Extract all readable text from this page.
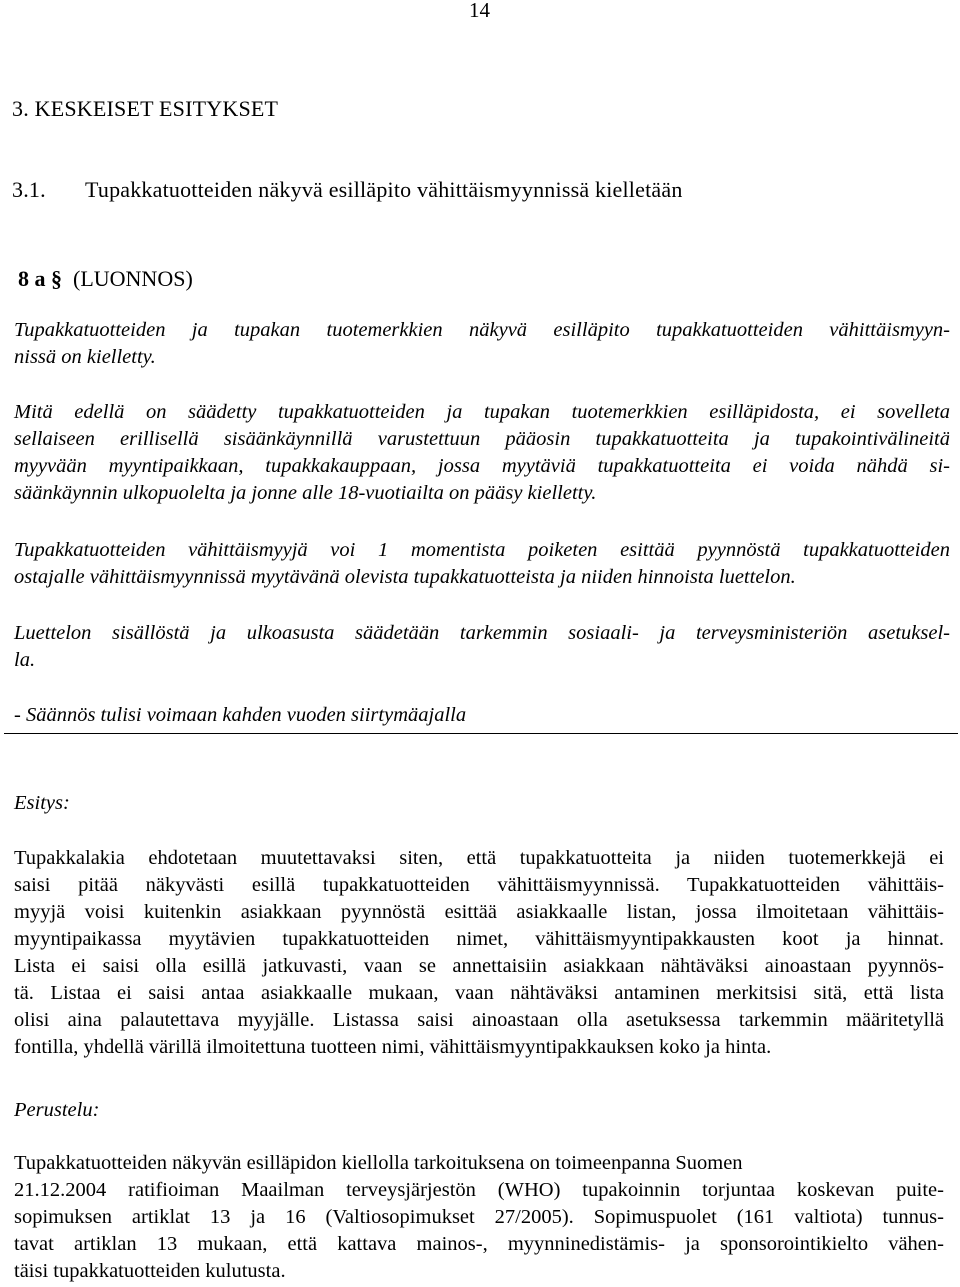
14
3. KESKEISET ESITYKSET
3.1. Tupakkatuotteiden näkyvä esilläpito vähittäismyynnissä kielletään
8 a § (LUONNOS)
Tupakkatuotteiden ja tupakan tuotemerkkien näkyvä esilläpito tupakkatuotteiden vähittäismyyn-
nissä on kielletty.
Mitä edellä on säädetty tupakkatuotteiden ja tupakan tuotemerkkien esilläpidosta, ei sovelleta
sellaiseen erillisellä sisäänkäynnillä varustettuun pääosin tupakkatuotteita ja tupakointivälineitä
myyvään myyntipaikkaan, tupakkakauppaan, jossa myytäviä tupakkatuotteita ei voida nähdä si-
säänkäynnin ulkopuolelta ja jonne alle 18-vuotiailta on pääsy kielletty.
Tupakkatuotteiden vähittäismyyjä voi 1 momentista poiketen esittää pyynnöstä tupakkatuotteiden
ostajalle vähittäismyynnissä myytävänä olevista tupakkatuotteista ja niiden hinnoista luettelon.
Luettelon sisällöstä ja ulkoasusta säädetään tarkemmin sosiaali- ja terveysministeriön asetuksel-
la.
- Säännös tulisi voimaan kahden vuoden siirtymäajalla
Esitys:
Tupakkalakia ehdotetaan muutettavaksi siten, että tupakkatuotteita ja niiden tuotemerkkejä ei
saisi pitää näkyvästi esillä tupakkatuotteiden vähittäismyynnissä. Tupakkatuotteiden vähittäis-
myyjä voisi kuitenkin asiakkaan pyynnöstä esittää asiakkaalle listan, jossa ilmoitetaan vähittäis-
myyntipaikassa myytävien tupakkatuotteiden nimet, vähittäismyyntipakkausten koot ja hinnat.
Lista ei saisi olla esillä jatkuvasti, vaan se annettaisiin asiakkaan nähtäväksi ainoastaan pyynnös-
tä. Listaa ei saisi antaa asiakkaalle mukaan, vaan nähtäväksi antaminen merkitsisi sitä, että lista
olisi aina palautettava myyjälle. Listassa saisi ainoastaan olla asetuksessa tarkemmin määritetyllä
fontilla, yhdellä värillä ilmoitettuna tuotteen nimi, vähittäismyyntipakkauksen koko ja hinta.
Perustelu:
Tupakkatuotteiden näkyvän esilläpidon kiellolla tarkoituksena on toimeenpanna Suomen
21.12.2004 ratifioiman Maailman terveysjärjestön (WHO) tupakoinnin torjuntaa koskevan puite-
sopimuksen artiklat 13 ja 16 (Valtiosopimukset 27/2005). Sopimuspuolet (161 valtiota) tunnus-
tavat artiklan 13 mukaan, että kattava mainos-, myynninedistämis- ja sponsorointikielto vähen-
täisi tupakkatuotteiden kulutusta.
